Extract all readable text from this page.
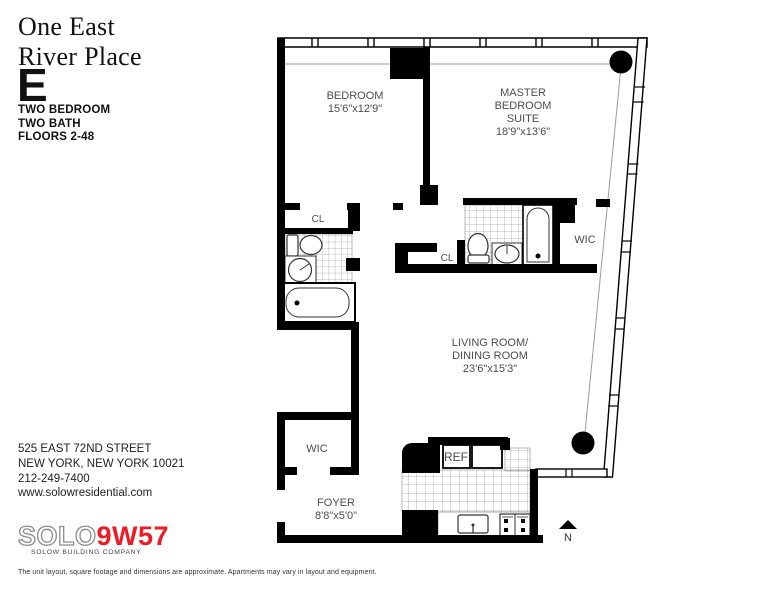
One East
River Place
E
TWO BEDROOM
TWO BATH
FLOORS 2-48
525 EAST 72ND STREET
NEW YORK, NEW YORK 10021
212-249-7400
www.solowresidential.com
SOLO9W57
SOLOW BUILDING COMPANY
The unit layout, square footage and dimensions are approximate. Apartments may vary in layout and equipment.
BEDROOM
15'6"x12'9"
MASTER
BEDROOM
SUITE
18'9"x13'6"
LIVING ROOM/
DINING ROOM
23'6"x15'3"
FOYER
8'8"x5'0"
CL
CL
WIC
WIC
REF
N
